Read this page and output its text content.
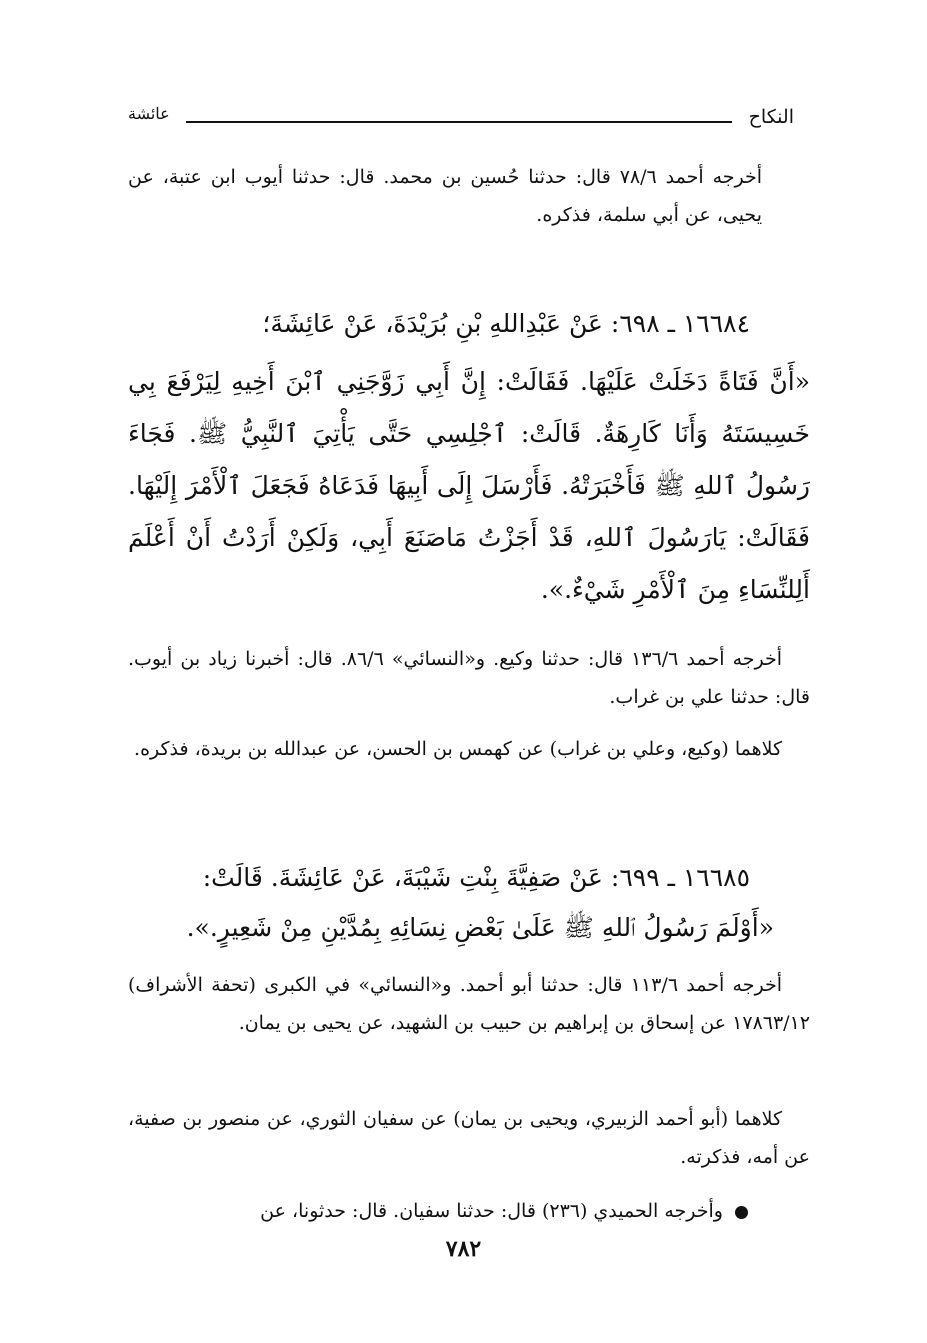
النكاح
عائشة

أخرجه أحمد ٧٨/٦ قال: حدثنا حُسين بن محمد. قال: حدثنا أيوب ابن عتبة، عن يحيى، عن أبي سلمة، فذكره.

١٦٦٨٤ ـ ٦٩٨: عَنْ عَبْدِاللهِ بْنِ بُرَيْدَةَ، عَنْ عَائِشَةَ؛

«أَنَّ فَتَاةً دَخَلَتْ عَلَيْهَا. فَقَالَتْ: إِنَّ أَبِي زَوَّجَنِي ٱبْنَ أَخِيهِ لِيَرْفَعَ بِي خَسِيسَتَهُ وَأَنَا كَارِهَةٌ. قَالَتْ: ٱجْلِسِي حَتَّى يَأْتِيَ ٱلنَّبِيُّ ﷺ. فَجَاءَ رَسُولُ ٱللهِ ﷺ فَأَخْبَرَتْهُ. فَأَرْسَلَ إِلَى أَبِيهَا فَدَعَاهُ فَجَعَلَ ٱلْأَمْرَ إِلَيْهَا. فَقَالَتْ: يَارَسُولَ ٱللهِ، قَدْ أَجَزْتُ مَاصَنَعَ أَبِي، وَلَكِنْ أَرَدْتُ أَنْ أَعْلَمَ أَلِلنِّسَاءِ مِنَ ٱلْأَمْرِ شَيْءٌ.».

أخرجه أحمد ١٣٦/٦ قال: حدثنا وكيع. و«النسائي» ٨٦/٦. قال: أخبرنا زياد بن أيوب. قال: حدثنا علي بن غراب.

كلاهما (وكيع، وعلي بن غراب) عن كهمس بن الحسن، عن عبدالله بن بريدة، فذكره.

١٦٦٨٥ ـ ٦٩٩: عَنْ صَفِيَّةَ بِنْتِ شَيْبَةَ، عَنْ عَائِشَةَ. قَالَتْ:

«أَوْلَمَ رَسُولُ ٱللهِ ﷺ عَلَىٰ بَعْضِ نِسَائِهِ بِمُدَّيْنِ مِنْ شَعِيرٍ.».

أخرجه أحمد ١١٣/٦ قال: حدثنا أبو أحمد. و«النسائي» في الكبرى (تحفة الأشراف) ١٧٨٦٣/١٢ عن إسحاق بن إبراهيم بن حبيب بن الشهيد، عن يحيى بن يمان.

كلاهما (أبو أحمد الزبيري، ويحيى بن يمان) عن سفيان الثوري، عن منصور بن صفية، عن أمه، فذكرته.

وأخرجه الحميدي (٢٣٦) قال: حدثنا سفيان. قال: حدثونا، عن

٧٨٢
